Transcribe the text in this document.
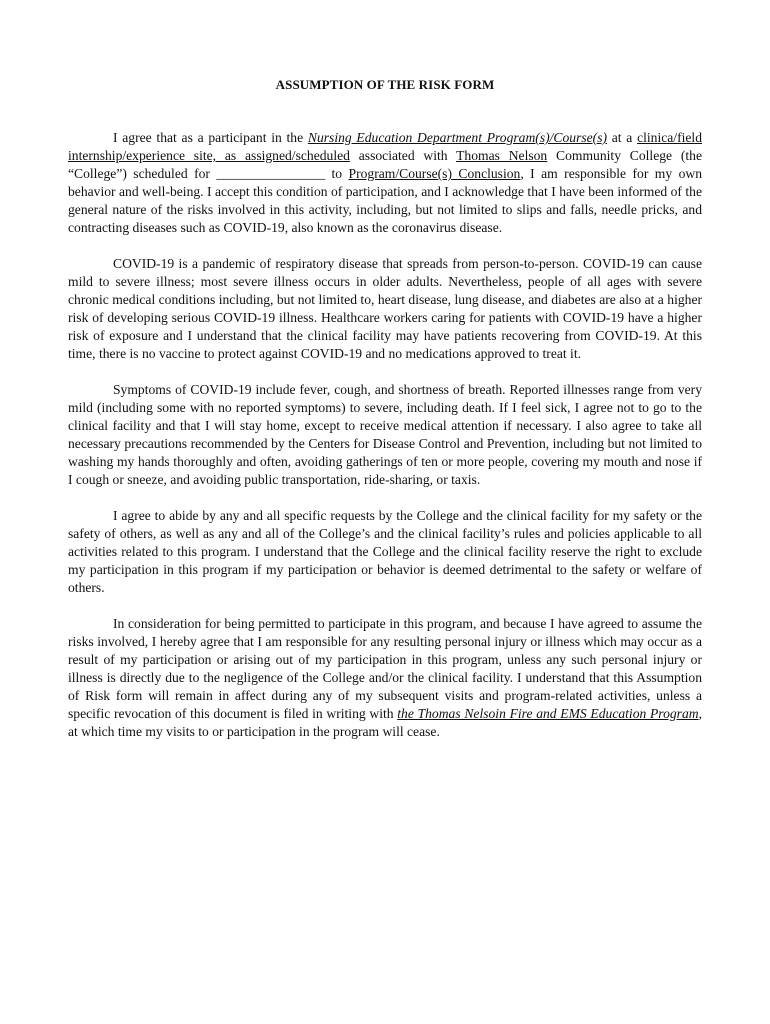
ASSUMPTION OF THE RISK FORM

I agree that as a participant in the Nursing Education Department Program(s)/Course(s) at a clinica/field internship/experience site, as assigned/scheduled associated with Thomas Nelson Community College (the “College”) scheduled for ________________ to Program/Course(s) Conclusion, I am responsible for my own behavior and well-being. I accept this condition of participation, and I acknowledge that I have been informed of the general nature of the risks involved in this activity, including, but not limited to slips and falls, needle pricks, and contracting diseases such as COVID-19, also known as the coronavirus disease.

COVID-19 is a pandemic of respiratory disease that spreads from person-to-person. COVID-19 can cause mild to severe illness; most severe illness occurs in older adults. Nevertheless, people of all ages with severe chronic medical conditions including, but not limited to, heart disease, lung disease, and diabetes are also at a higher risk of developing serious COVID-19 illness. Healthcare workers caring for patients with COVID-19 have a higher risk of exposure and I understand that the clinical facility may have patients recovering from COVID-19. At this time, there is no vaccine to protect against COVID-19 and no medications approved to treat it.

Symptoms of COVID-19 include fever, cough, and shortness of breath. Reported illnesses range from very mild (including some with no reported symptoms) to severe, including death. If I feel sick, I agree not to go to the clinical facility and that I will stay home, except to receive medical attention if necessary. I also agree to take all necessary precautions recommended by the Centers for Disease Control and Prevention, including but not limited to washing my hands thoroughly and often, avoiding gatherings of ten or more people, covering my mouth and nose if I cough or sneeze, and avoiding public transportation, ride-sharing, or taxis.

I agree to abide by any and all specific requests by the College and the clinical facility for my safety or the safety of others, as well as any and all of the College’s and the clinical facility’s rules and policies applicable to all activities related to this program. I understand that the College and the clinical facility reserve the right to exclude my participation in this program if my participation or behavior is deemed detrimental to the safety or welfare of others.

In consideration for being permitted to participate in this program, and because I have agreed to assume the risks involved, I hereby agree that I am responsible for any resulting personal injury or illness which may occur as a result of my participation or arising out of my participation in this program, unless any such personal injury or illness is directly due to the negligence of the College and/or the clinical facility. I understand that this Assumption of Risk form will remain in affect during any of my subsequent visits and program-related activities, unless a specific revocation of this document is filed in writing with the Thomas Nelsoin Fire and EMS Education Program, at which time my visits to or participation in the program will cease.
